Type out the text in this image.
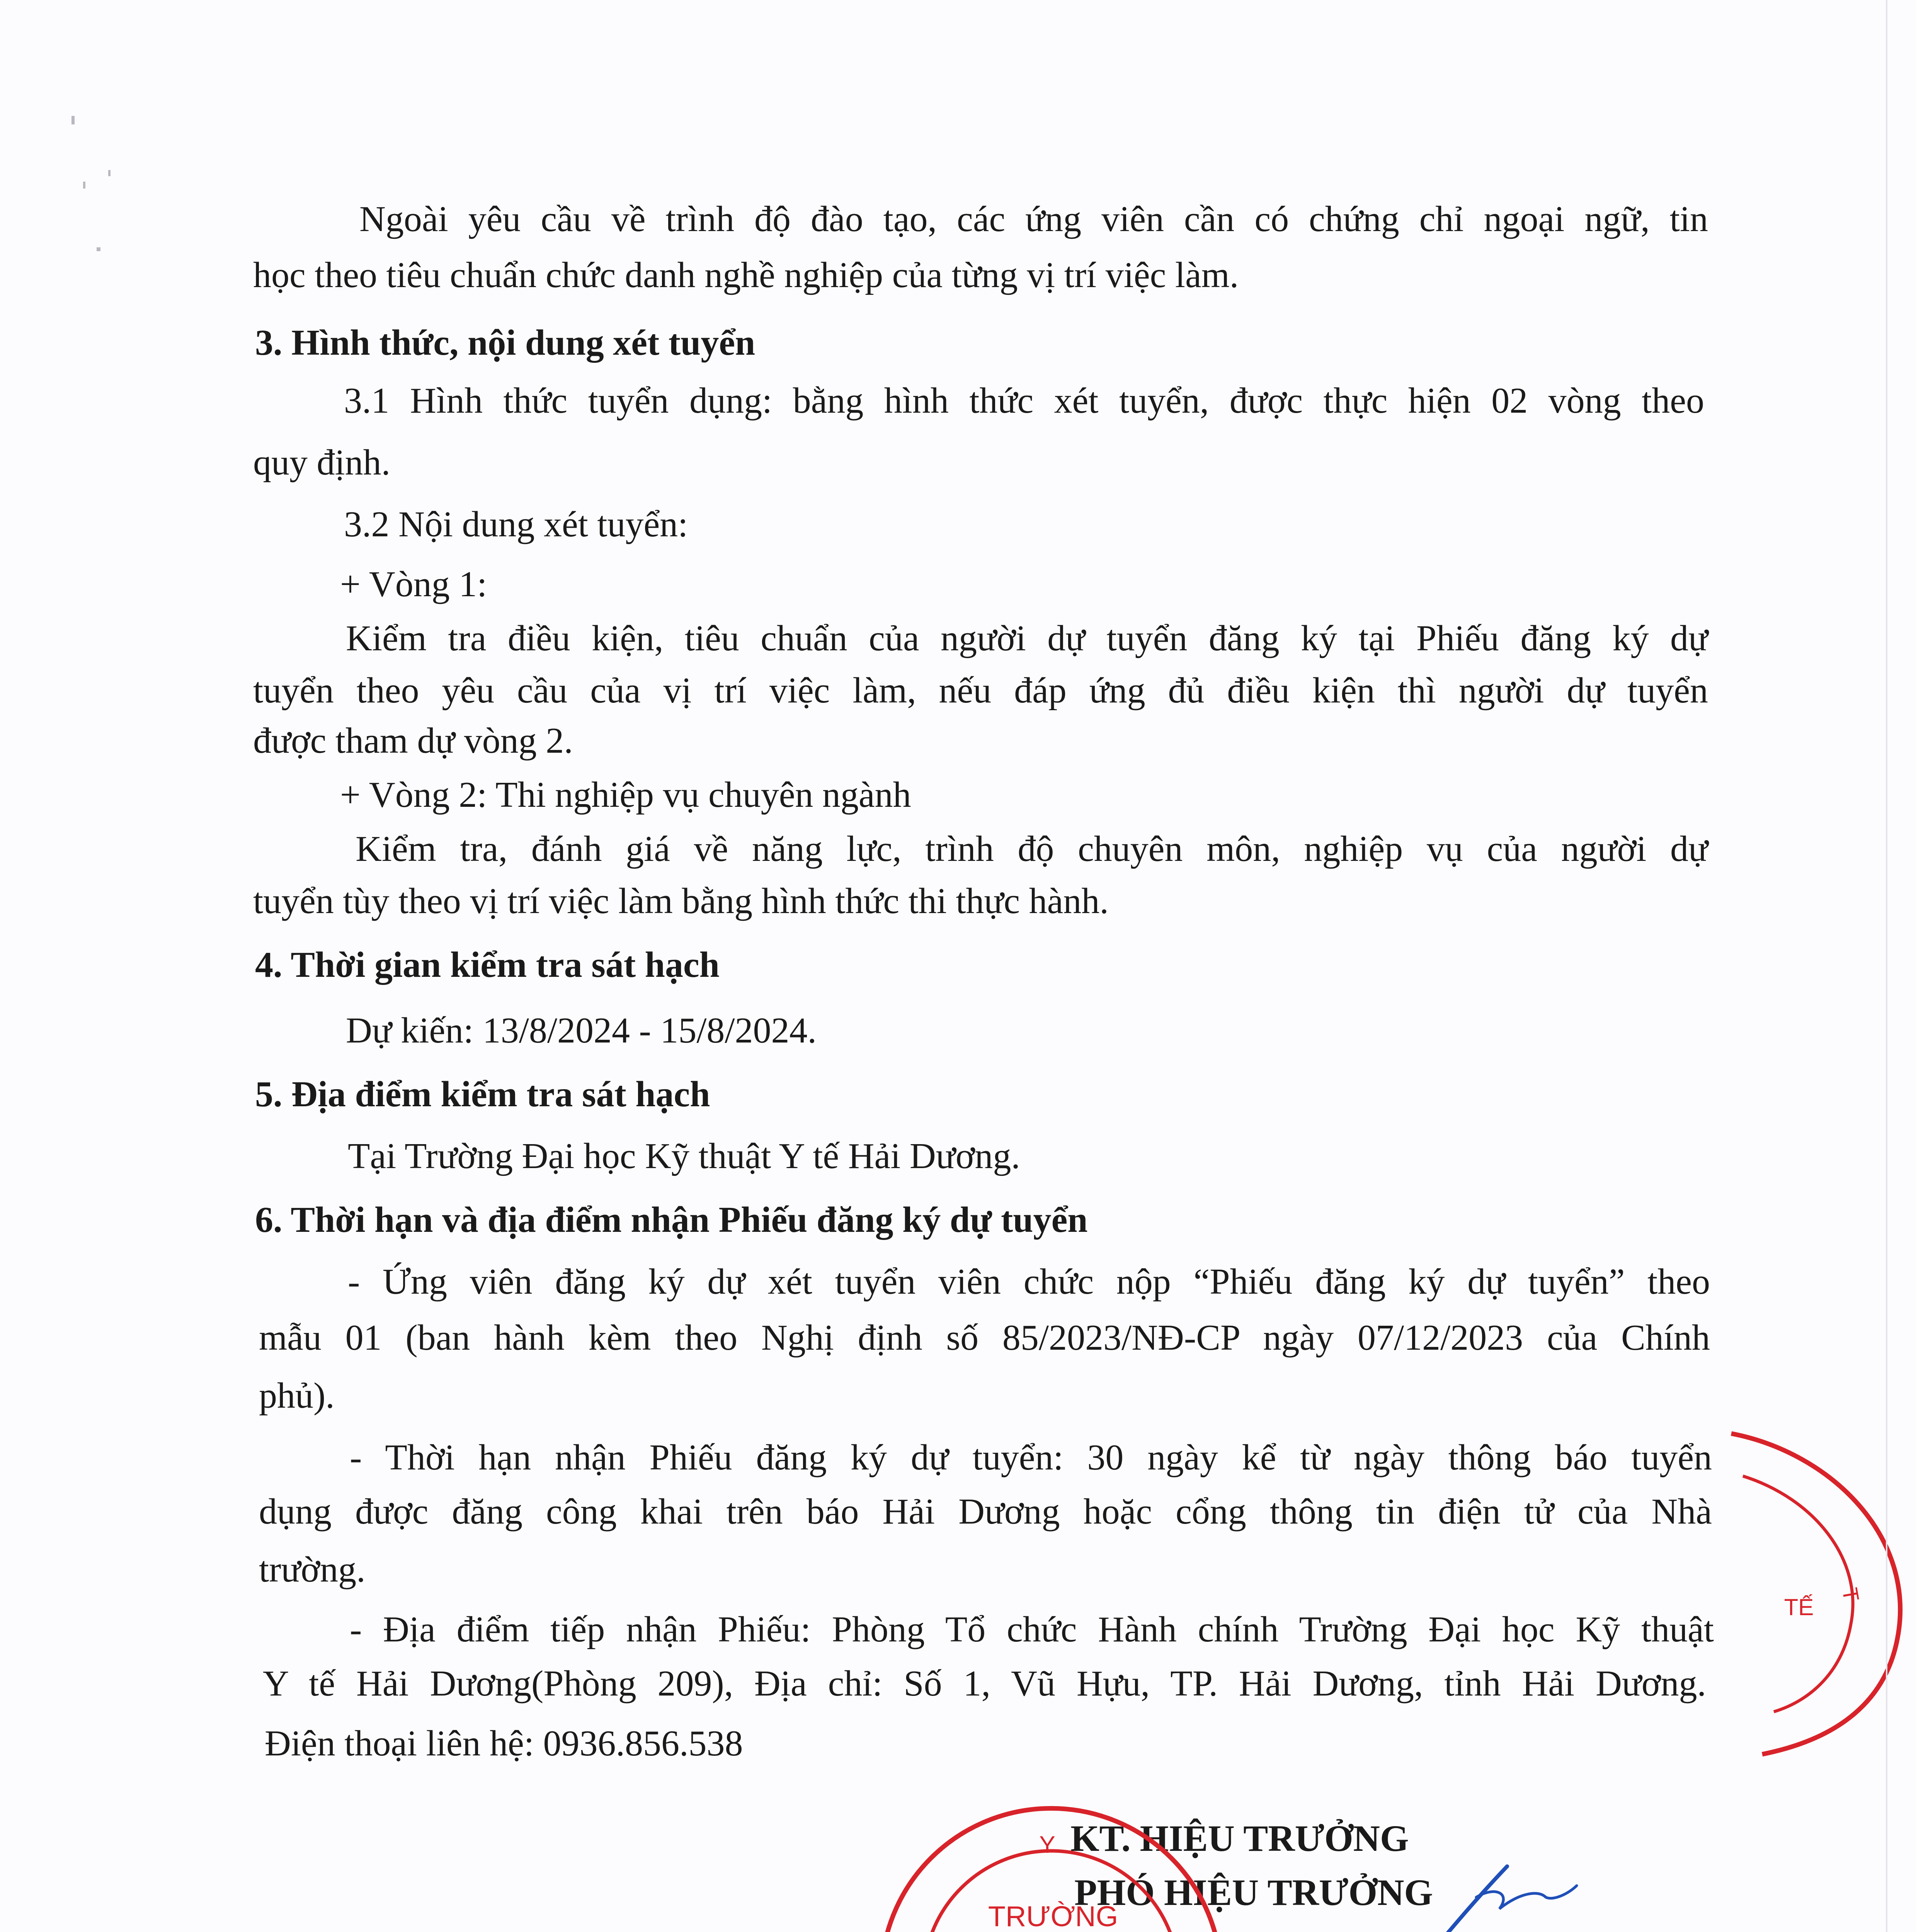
Ngoài yêu cầu về trình độ đào tạo, các ứng viên cần có chứng chỉ ngoại ngữ, tin
học theo tiêu chuẩn chức danh nghề nghiệp của từng vị trí việc làm.
3. Hình thức, nội dung xét tuyển
3.1 Hình thức tuyển dụng: bằng hình thức xét tuyển, được thực hiện 02 vòng theo
quy định.
3.2 Nội dung xét tuyển:
+ Vòng 1:
Kiểm tra điều kiện, tiêu chuẩn của người dự tuyển đăng ký tại Phiếu đăng ký dự
tuyển theo yêu cầu của vị trí việc làm, nếu đáp ứng đủ điều kiện thì người dự tuyển
được tham dự vòng 2.
+ Vòng 2: Thi nghiệp vụ chuyên ngành
Kiểm tra, đánh giá về năng lực, trình độ chuyên môn, nghiệp vụ của người dự
tuyển tùy theo vị trí việc làm bằng hình thức thi thực hành.
4. Thời gian kiểm tra sát hạch
Dự kiến: 13/8/2024 - 15/8/2024.
5. Địa điểm kiểm tra sát hạch
Tại Trường Đại học Kỹ thuật Y tế Hải Dương.
6. Thời hạn và địa điểm nhận Phiếu đăng ký dự tuyển
- Ứng viên đăng ký dự xét tuyển viên chức nộp “Phiếu đăng ký dự tuyển” theo
mẫu 01 (ban hành kèm theo Nghị định số 85/2023/NĐ-CP ngày 07/12/2023 của Chính
phủ).
- Thời hạn nhận Phiếu đăng ký dự tuyển: 30 ngày kể từ ngày thông báo tuyển
dụng được đăng công khai trên báo Hải Dương hoặc cổng thông tin điện tử của Nhà
trường.
- Địa điểm tiếp nhận Phiếu: Phòng Tổ chức Hành chính Trường Đại học Kỹ thuật
Y tế Hải Dương(Phòng 209), Địa chỉ: Số 1, Vũ Hựu, TP. Hải Dương, tỉnh Hải Dương.
Điện thoại liên hệ: 0936.856.538
KT. HIỆU TRƯỞNG
PHÓ HIỆU TRƯỞNG
Y
TRƯỜNG
TẾ T
